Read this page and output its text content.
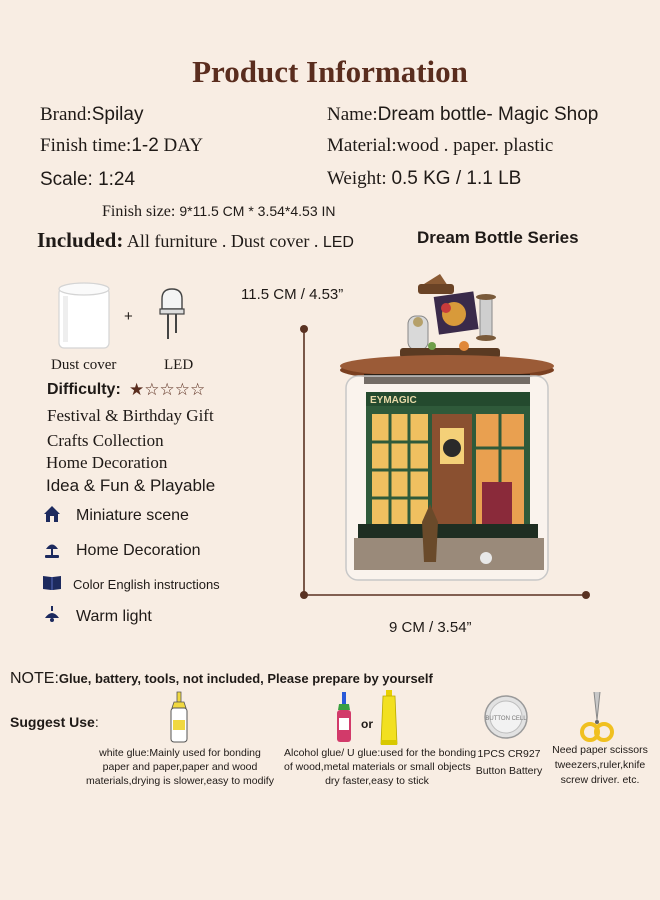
Product Information
Brand:Spilay	Name:Dream bottle- Magic Shop
Finish time:1-2 DAY	Material:wood . paper. plastic
Scale: 1:24	Weight: 0.5 KG / 1.1 LB
Finish size: 9*11.5 CM * 3.54*4.53 IN
Included: All furniture . Dust cover . LED	Dream Bottle Series
+
Dust cover	LED
Difficulty: ★☆☆☆☆
Festival & Birthday Gift
Crafts Collection
Home Decoration
Idea & Fun & Playable
Miniature scene
Home Decoration
Color English instructions
Warm light
11.5 CM / 4.53”
9 CM / 3.54”
EYMAGIC
NOTE:Glue, battery, tools, not included, Please prepare by yourself
Suggest Use:	or	BUTTON CELL
white glue:Mainly used for bonding
paper and paper,paper and wood
materials,drying is slower,easy to modify
Alcohol glue/ U glue:used for the bonding
of wood,metal materials or small objects
dry faster,easy to stick
1PCS CR927
Button Battery
Need paper scissors
tweezers,ruler,knife
screw driver. etc.
